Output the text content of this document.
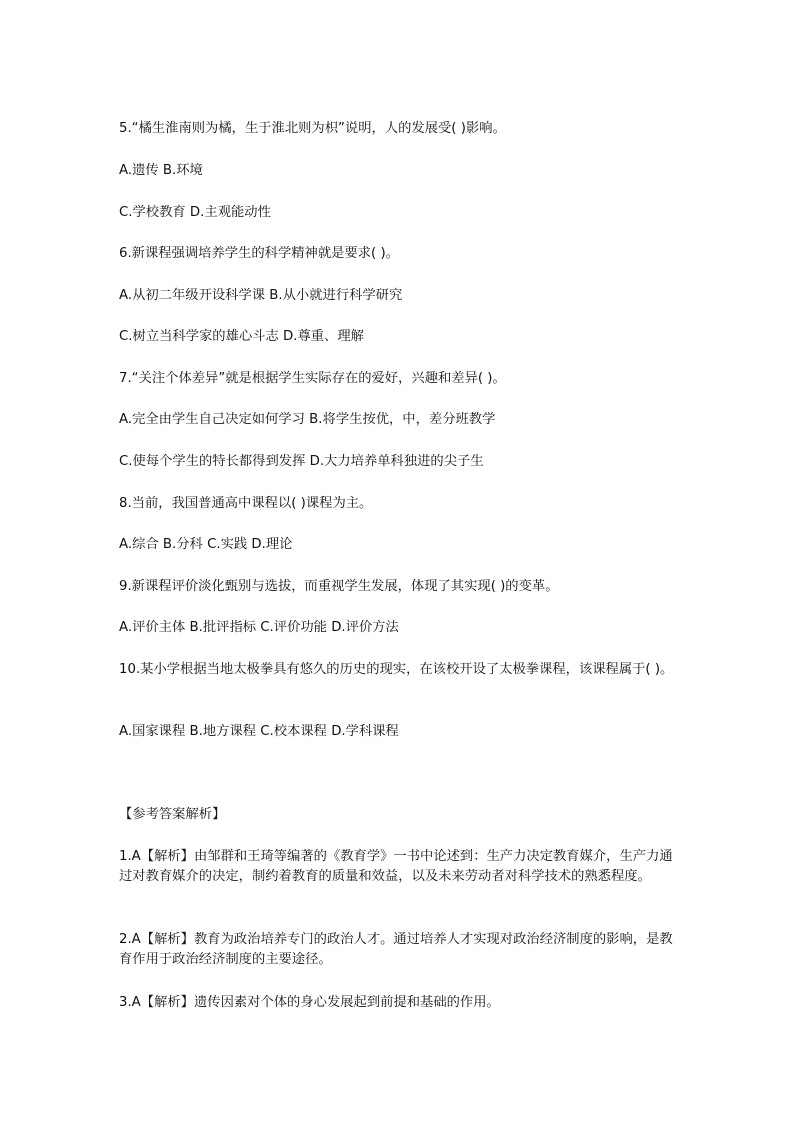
5.“橘生淮南则为橘，生于淮北则为枳”说明，人的发展受( )影响。

A.遗传 B.环境

C.学校教育 D.主观能动性

6.新课程强调培养学生的科学精神就是要求( )。

A.从初二年级开设科学课 B.从小就进行科学研究

C.树立当科学家的雄心斗志 D.尊重、理解

7.“关注个体差异”就是根据学生实际存在的爱好，兴趣和差异( )。

A.完全由学生自己决定如何学习 B.将学生按优，中，差分班教学

C.使每个学生的特长都得到发挥 D.大力培养单科独进的尖子生

8.当前，我国普通高中课程以( )课程为主。

A.综合 B.分科 C.实践 D.理论

9.新课程评价淡化甄别与选拔，而重视学生发展，体现了其实现( )的变革。

A.评价主体 B.批评指标 C.评价功能 D.评价方法

10.某小学根据当地太极拳具有悠久的历史的现实，在该校开设了太极拳课程，该课程属于( )。

A.国家课程 B.地方课程 C.校本课程 D.学科课程

【参考答案解析】

1.A【解析】由邹群和王琦等编著的《教育学》一书中论述到：生产力决定教育媒介，生产力通过对教育媒介的决定，制约着教育的质量和效益，以及未来劳动者对科学技术的熟悉程度。

2.A【解析】教育为政治培养专门的政治人才。通过培养人才实现对政治经济制度的影响，是教育作用于政治经济制度的主要途径。

3.A【解析】遗传因素对个体的身心发展起到前提和基础的作用。
